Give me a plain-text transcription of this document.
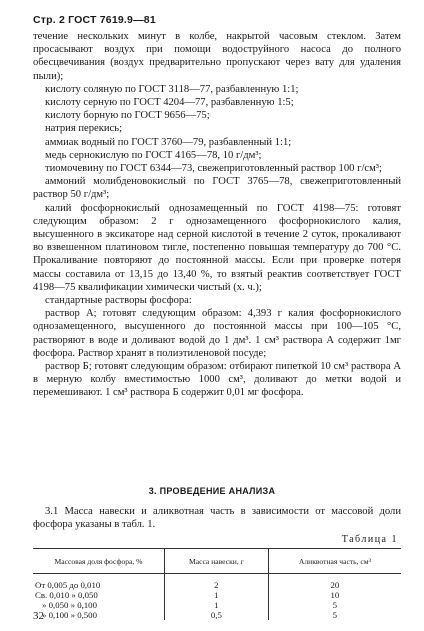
Стр. 2 ГОСТ 7619.9—81

течение нескольких минут в колбе, накрытой часовым стеклом. Затем просасывают воздух при помощи водоструйного насоса до полного обесцвечивания (воздух предварительно пропускают через вату для удаления пыли);

кислоту соляную по ГОСТ 3118—77, разбавленную 1:1;

кислоту серную по ГОСТ 4204—77, разбавленную 1:5;

кислоту борную по ГОСТ 9656—75;

натрия перекись;

аммиак водный по ГОСТ 3760—79, разбавленный 1:1;

медь сернокислую по ГОСТ 4165—78, 10 г/дм³;

тиомочевину по ГОСТ 6344—73, свежеприготовленный раствор 100 г/см³;

аммоний молибденовокислый по ГОСТ 3765—78, свежеприготовленный раствор 50 г/дм³;

калий фосфорнокислый однозамещенный по ГОСТ 4198—75: готовят следующим образом: 2 г однозамещенного фосфорнокислого калия, высушенного в эксикаторе над серной кислотой в течение 2 суток, прокаливают во взвешенном платиновом тигле, постепенно повышая температуру до 700 °С. Прокаливание повторяют до постоянной массы. Если при проверке потеря массы составила от 13,15 до 13,40 %, то взятый реактив соответствует ГОСТ 4198—75 квалификации химически чистый (х. ч.);

стандартные растворы фосфора:

раствор А; готовят следующим образом: 4,393 г калия фосфорнокислого однозамещенного, высушенного до постоянной массы при 100—105 °С, растворяют в воде и доливают водой до 1 дм³. 1 см³ раствора А содержит 1мг фосфора. Раствор хранят в полиэтиленовой посуде;

раствор Б; готовят следующим образом: отбирают пипеткой 10 см³ раствора А в мерную колбу вместимостью 1000 см³, доливают до метки водой и перемешивают. 1 см³ раствора Б содержит 0,01 мг фосфора.

3. ПРОВЕДЕНИЕ АНАЛИЗА

3.1 Масса навески и аликвотная часть в зависимости от массовой доли фосфора указаны в табл. 1.

Таблица 1
Массовая доля фосфора, %	Масса навески, г	Аликвотная часть, см³
От 0,005 до 0,010	2	20
Св. 0,010 » 0,050	1	10
» 0,050 » 0,100	1	5
» 0,100 » 0,500	0,5	5
32
